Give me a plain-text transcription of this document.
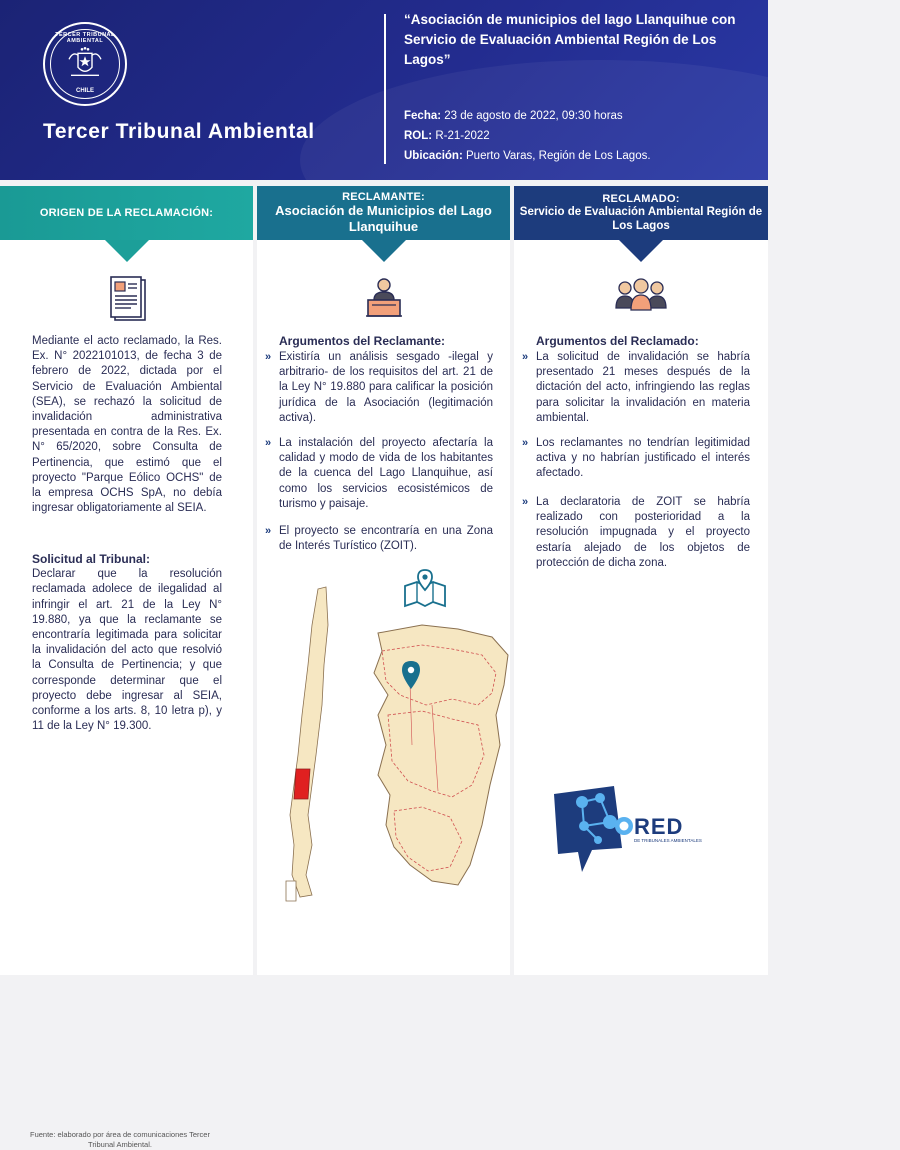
TERCER TRIBUNAL AMBIENTAL
CHILE
Tercer Tribunal Ambiental
“Asociación de municipios del lago Llanquihue con Servicio de Evaluación Ambiental Región de Los Lagos”
Fecha: 23 de agosto de 2022, 09:30 horas
ROL: R-21-2022
Ubicación: Puerto Varas, Región de Los Lagos.
ORIGEN DE LA RECLAMACIÓN:
Mediante el acto reclamado, la Res. Ex. N° 2022101013, de fecha 3 de febrero de 2022, dictada por el Servicio de Evaluación Ambiental (SEA), se rechazó la solicitud de invalidación administrativa presentada en contra de la Res. Ex. N° 65/2020, sobre Consulta de Pertinencia, que estimó que el proyecto "Parque Eólico OCHS" de la empresa OCHS SpA, no debía ingresar obligatoriamente al SEIA.
Solicitud al Tribunal:
Declarar que la resolución reclamada adolece de ilegalidad al infringir el art. 21 de la Ley N° 19.880, ya que la reclamante se encontraría legitimada para solicitar la invalidación del acto que resolvió la Consulta de Pertinencia; y que corresponde determinar que el proyecto debe ingresar al SEIA, conforme a los arts. 8, 10 letra p), y 11 de la Ley N° 19.300.
Fuente: elaborado por área de comunicaciones Tercer Tribunal Ambiental.
RECLAMANTE:
Asociación de Municipios del Lago Llanquihue
Argumentos del Reclamante:
» Existiría un análisis sesgado -ilegal y arbitrario- de los requisitos del art. 21 de la Ley N° 19.880 para calificar la posición jurídica de la Asociación (legitimación activa).
» La instalación del proyecto afectaría la calidad y modo de vida de los habitantes de la cuenca del Lago Llanquihue, así como los servicios ecosistémicos de turismo y paisaje.
» El proyecto se encontraría en una Zona de Interés Turístico (ZOIT).
RECLAMADO:
Servicio de Evaluación Ambiental Región de Los Lagos
Argumentos del Reclamado:
» La solicitud de invalidación se habría presentado 21 meses después de la dictación del acto, infringiendo las reglas para solicitar la invalidación en materia ambiental.
» Los reclamantes no tendrían legitimidad activa y no habrían justificado el interés afectado.
» La declaratoria de ZOIT se habría realizado con posterioridad a la resolución impugnada y el proyecto estaría alejado de los objetos de protección de dicha zona.
RED
DE TRIBUNALES AMBIENTALES
